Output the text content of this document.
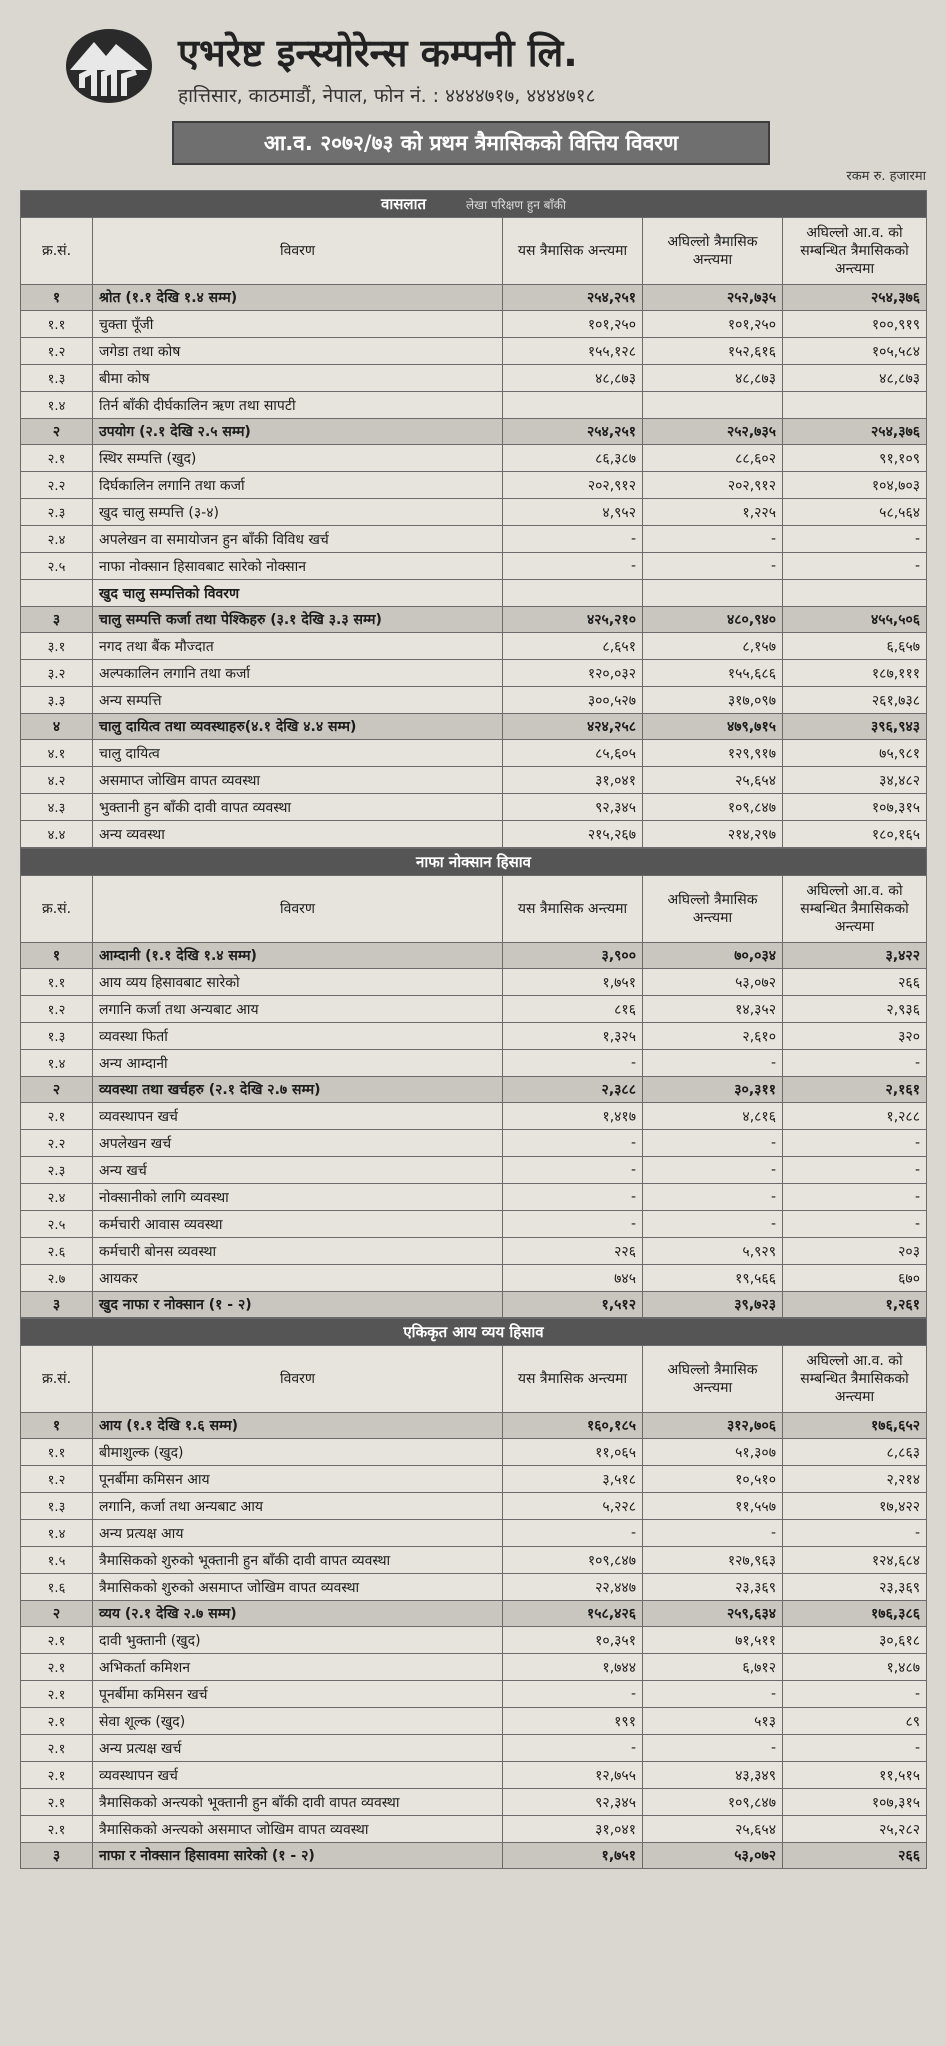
एभरेष्ट इन्स्योरेन्स कम्पनी लि.
हात्तिसार, काठमाडौं, नेपाल, फोन नं. : ४४४४७१७, ४४४४७१८
आ.व. २०७२/७३ को प्रथम त्रैमासिकको वित्तिय विवरण
रकम रु. हजारमा
वासलात लेखा परिक्षण हुन बाँकी				
क्र.सं.	विवरण	यस त्रैमासिक अन्त्यमा	अघिल्लो त्रैमासिक अन्त्यमा	अघिल्लो आ.व. को सम्बन्धित त्रैमासिकको अन्त्यमा
१	श्रोत (१.१ देखि १.४ सम्म)	२५४,२५१	२५२,७३५	२५४,३७६
१.१	चुक्ता पूँजी	१०१,२५०	१०१,२५०	१००,९१९
१.२	जगेडा तथा कोष	१५५,१२८	१५२,६१६	१०५,५८४
१.३	बीमा कोष	४८,८७३	४८,८७३	४८,८७३
१.४	तिर्न बाँकी दीर्घकालिन ऋण तथा सापटी			
२	उपयोग (२.१ देखि २.५ सम्म)	२५४,२५१	२५२,७३५	२५४,३७६
२.१	स्थिर सम्पत्ति (खुद)	८६,३८७	८८,६०२	९१,१०९
२.२	दिर्घकालिन लगानि तथा कर्जा	२०२,९१२	२०२,९१२	१०४,७०३
२.३	खुद चालु सम्पत्ति (३-४)	४,९५२	१,२२५	५८,५६४
२.४	अपलेखन वा समायोजन हुन बाँकी विविध खर्च	-	-	-
२.५	नाफा नोक्सान हिसावबाट सारेको नोक्सान	-	-	-
	खुद चालु सम्पत्तिको विवरण			
३	चालु सम्पत्ति कर्जा तथा पेश्किहरु (३.१ देखि ३.३ सम्म)	४२५,२१०	४८०,९४०	४५५,५०६
३.१	नगद तथा बैंक मौज्दात	८,६५१	८,१५७	६,६५७
३.२	अल्पकालिन लगानि तथा कर्जा	१२०,०३२	१५५,६८६	१८७,१११
३.३	अन्य सम्पत्ति	३००,५२७	३१७,०९७	२६१,७३८
४	चालु दायित्व तथा व्यवस्थाहरु(४.१ देखि ४.४ सम्म)	४२४,२५८	४७९,७१५	३९६,९४३
४.१	चालु दायित्व	८५,६०५	१२९,९१७	७५,९८१
४.२	असमाप्त जोखिम वापत व्यवस्था	३१,०४१	२५,६५४	३४,४८२
४.३	भुक्तानी हुन बाँकी दावी वापत व्यवस्था	९२,३४५	१०९,८४७	१०७,३१५
४.४	अन्य व्यवस्था	२१५,२६७	२१४,२९७	१८०,१६५
नाफा नोक्सान हिसाव				
क्र.सं.	विवरण	यस त्रैमासिक अन्त्यमा	अघिल्लो त्रैमासिक अन्त्यमा	अघिल्लो आ.व. को सम्बन्धित त्रैमासिकको अन्त्यमा
१	आम्दानी (१.१ देखि १.४ सम्म)	३,९००	७०,०३४	३,४२२
१.१	आय व्यय हिसावबाट सारेको	१,७५१	५३,०७२	२६६
१.२	लगानि कर्जा तथा अन्यबाट आय	८१६	१४,३५२	२,९३६
१.३	व्यवस्था फिर्ता	१,३२५	२,६१०	३२०
१.४	अन्य आम्दानी	-	-	-
२	व्यवस्था तथा खर्चहरु (२.१ देखि २.७ सम्म)	२,३८८	३०,३११	२,१६१
२.१	व्यवस्थापन खर्च	१,४१७	४,८१६	१,२८८
२.२	अपलेखन खर्च	-	-	-
२.३	अन्य खर्च	-	-	-
२.४	नोक्सानीको लागि व्यवस्था	-	-	-
२.५	कर्मचारी आवास व्यवस्था	-	-	-
२.६	कर्मचारी बोनस व्यवस्था	२२६	५,९२९	२०३
२.७	आयकर	७४५	१९,५६६	६७०
३	खुद नाफा र नोक्सान (१ - २)	१,५१२	३९,७२३	१,२६१
एकिकृत आय व्यय हिसाव				
क्र.सं.	विवरण	यस त्रैमासिक अन्त्यमा	अघिल्लो त्रैमासिक अन्त्यमा	अघिल्लो आ.व. को सम्बन्धित त्रैमासिकको अन्त्यमा
१	आय (१.१ देखि १.६ सम्म)	१६०,१८५	३१२,७०६	१७६,६५२
१.१	बीमाशुल्क (खुद)	११,०६५	५१,३०७	८,८६३
१.२	पूनर्बीमा कमिसन आय	३,५१८	१०,५१०	२,२१४
१.३	लगानि, कर्जा तथा अन्यबाट आय	५,२२८	११,५५७	१७,४२२
१.४	अन्य प्रत्यक्ष आय	-	-	-
१.५	त्रैमासिकको शुरुको भूक्तानी हुन बाँकी दावी वापत व्यवस्था	१०९,८४७	१२७,९६३	१२४,६८४
१.६	त्रैमासिकको शुरुको असमाप्त जोखिम वापत व्यवस्था	२२,४४७	२३,३६९	२३,३६९
२	व्यय (२.१ देखि २.७ सम्म)	१५८,४२६	२५९,६३४	१७६,३८६
२.१	दावी भुक्तानी (खुद)	१०,३५१	७१,५११	३०,६१८
२.१	अभिकर्ता कमिशन	१,७४४	६,७१२	१,४८७
२.१	पूनर्बीमा कमिसन खर्च	-	-	-
२.१	सेवा शूल्क (खुद)	१९१	५१३	८९
२.१	अन्य प्रत्यक्ष खर्च	-	-	-
२.१	व्यवस्थापन खर्च	१२,७५५	४३,३४९	११,५१५
२.१	त्रैमासिकको अन्त्यको भूक्तानी हुन बाँकी दावी वापत व्यवस्था	९२,३४५	१०९,८४७	१०७,३१५
२.१	त्रैमासिकको अन्त्यको असमाप्त जोखिम वापत व्यवस्था	३१,०४१	२५,६५४	२५,२८२
३	नाफा र नोक्सान हिसावमा सारेको (१ - २)	१,७५१	५३,०७२	२६६
